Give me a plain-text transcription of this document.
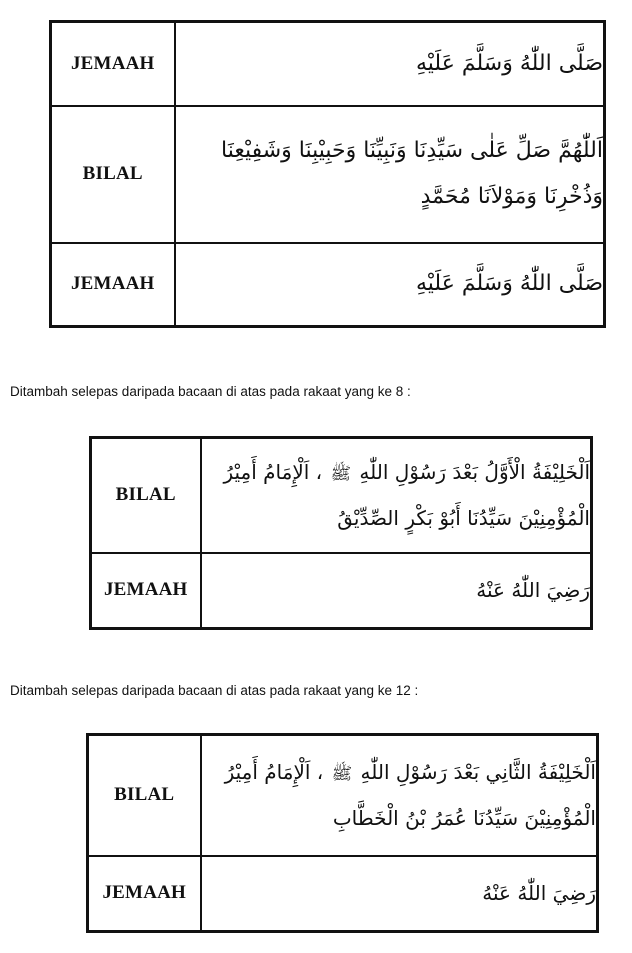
JEMAAH	صَلَّى اللّٰهُ وَسَلَّمَ عَلَيْهِ
BILAL	اَللّٰهُمَّ صَلِّ عَلٰى سَيِّدِنَا وَنَبِيِّنَا وَحَبِيْبِنَا وَشَفِيْعِنَا وَذُخْرِنَا وَمَوْلاَنَا مُحَمَّدٍ
JEMAAH	صَلَّى اللّٰهُ وَسَلَّمَ عَلَيْهِ
Ditambah selepas daripada bacaan di atas pada rakaat yang ke 8 :
BILAL	اَلْخَلِيْفَةُ الْأَوَّلُ بَعْدَ رَسُوْلِ اللّٰهِ ﷺ ، اَلْإِمَامُ أَمِيْرُ الْمُؤْمِنِيْنَ سَيِّدُنَا أَبُوْ بَكْرٍ الصِّدِّيْقُ
JEMAAH	رَضِيَ اللّٰهُ عَنْهُ
Ditambah selepas daripada bacaan di atas pada rakaat yang ke 12 :
BILAL	اَلْخَلِيْفَةُ الثَّانِي بَعْدَ رَسُوْلِ اللّٰهِ ﷺ ، اَلْإِمَامُ أَمِيْرُ الْمُؤْمِنِيْنَ سَيِّدُنَا عُمَرُ بْنُ الْخَطَّابِ
JEMAAH	رَضِيَ اللّٰهُ عَنْهُ
